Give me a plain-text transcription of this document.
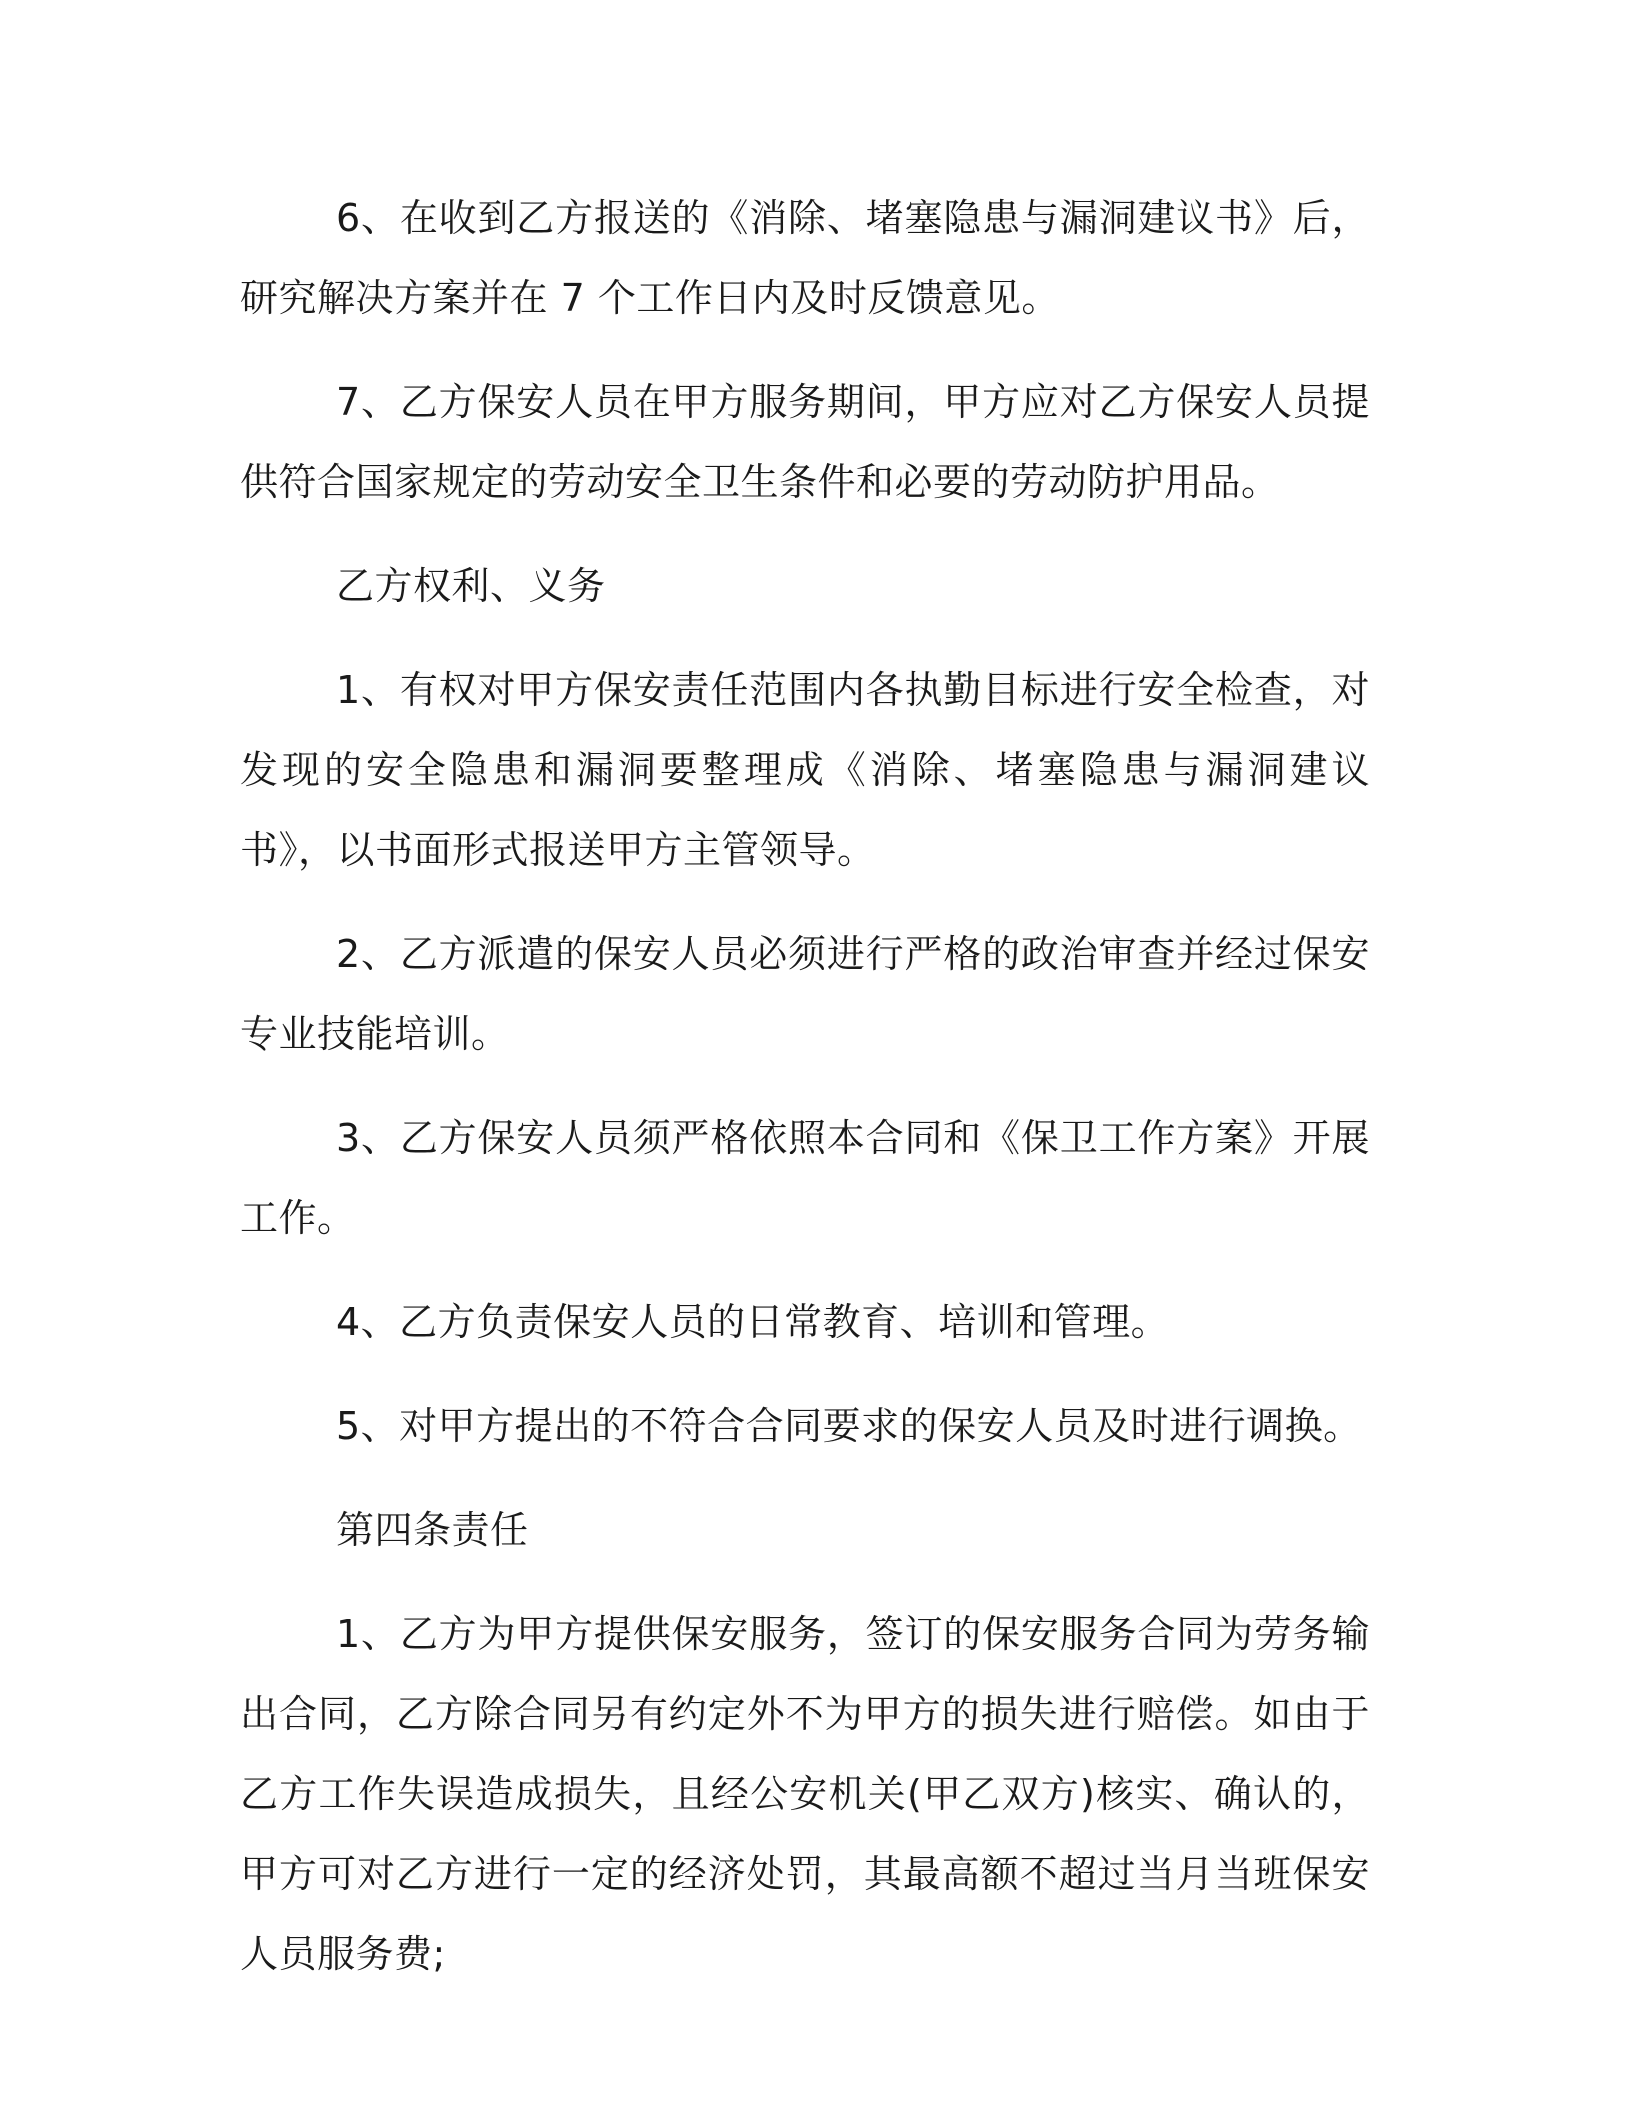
6、在收到乙方报送的《消除、堵塞隐患与漏洞建议书》后，研究解决方案并在 7 个工作日内及时反馈意见。

7、乙方保安人员在甲方服务期间，甲方应对乙方保安人员提供符合国家规定的劳动安全卫生条件和必要的劳动防护用品。

乙方权利、义务

1、有权对甲方保安责任范围内各执勤目标进行安全检查，对发现的安全隐患和漏洞要整理成《消除、堵塞隐患与漏洞建议书》，以书面形式报送甲方主管领导。

2、乙方派遣的保安人员必须进行严格的政治审查并经过保安专业技能培训。

3、乙方保安人员须严格依照本合同和《保卫工作方案》开展工作。

4、乙方负责保安人员的日常教育、培训和管理。

5、对甲方提出的不符合合同要求的保安人员及时进行调换。

第四条责任

1、乙方为甲方提供保安服务，签订的保安服务合同为劳务输出合同，乙方除合同另有约定外不为甲方的损失进行赔偿。如由于乙方工作失误造成损失，且经公安机关(甲乙双方)核实、确认的，甲方可对乙方进行一定的经济处罚，其最高额不超过当月当班保安人员服务费;
